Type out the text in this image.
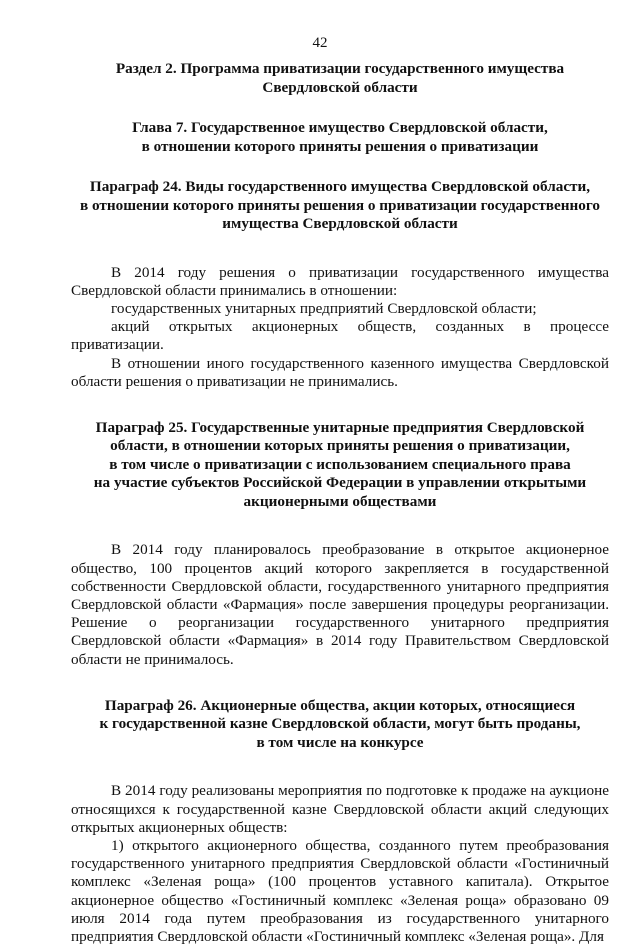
42
Раздел 2. Программа приватизации государственного имущества
Свердловской области
Глава 7. Государственное имущество Свердловской области,
в отношении которого приняты решения о приватизации
Параграф 24. Виды государственного имущества Свердловской области,
в отношении которого приняты решения о приватизации государственного
имущества Свердловской области

В 2014 году решения о приватизации государственного имущества Свердловской области принимались в отношении:

государственных унитарных предприятий Свердловской области;

акций открытых акционерных обществ, созданных в процессе приватизации.

В отношении иного государственного казенного имущества Свердловской области решения о приватизации не принимались.

Параграф 25. Государственные унитарные предприятия Свердловской
области, в отношении которых приняты решения о приватизации,
в том числе о приватизации с использованием специального права
на участие субъектов Российской Федерации в управлении открытыми
акционерными обществами

В 2014 году планировалось преобразование в открытое акционерное общество, 100 процентов акций которого закрепляется в государственной собственности Свердловской области, государственного унитарного предприятия Свердловской области «Фармация» после завершения процедуры реорганизации. Решение о реорганизации государственного унитарного предприятия Свердловской области «Фармация» в 2014 году Правительством Свердловской области не принималось.

Параграф 26. Акционерные общества, акции которых, относящиеся
к государственной казне Свердловской области, могут быть проданы,
в том числе на конкурсе

В 2014 году реализованы мероприятия по подготовке к продаже на аукционе относящихся к государственной казне Свердловской области акций следующих открытых акционерных обществ:

1) открытого акционерного общества, созданного путем преобразования государственного унитарного предприятия Свердловской области «Гостиничный комплекс «Зеленая роща» (100 процентов уставного капитала). Открытое акционерное общество «Гостиничный комплекс «Зеленая роща» образовано 09 июля 2014 года путем преобразования из государственного унитарного предприятия Свердловской области «Гостиничный комплекс «Зеленая роща». Для
